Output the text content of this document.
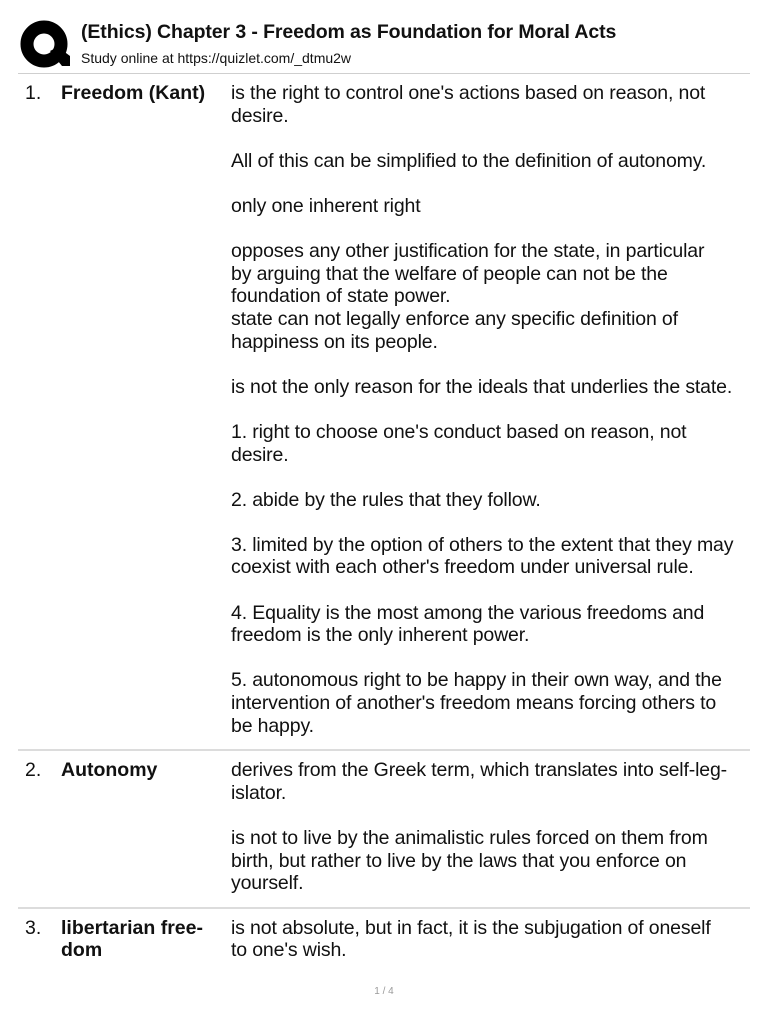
(Ethics) Chapter 3 - Freedom as Foundation for Moral Acts
Study online at https://quizlet.com/_dtmu2w
1. Freedom (Kant)	is the right to control one's actions based on reason, not
desire.
All of this can be simplified to the definition of autonomy.
only one inherent right
opposes any other justification for the state, in particular
by arguing that the welfare of people can not be the
foundation of state power.
state can not legally enforce any specific definition of
happiness on its people.
is not the only reason for the ideals that underlies the state.
1. right to choose one's conduct based on reason, not
desire.
2. abide by the rules that they follow.
3. limited by the option of others to the extent that they may
coexist with each other's freedom under universal rule.
4. Equality is the most among the various freedoms and
freedom is the only inherent power.
5. autonomous right to be happy in their own way, and the
intervention of another's freedom means forcing others to
be happy.
2. Autonomy	derives from the Greek term, which translates into self-leg-
islator.
is not to live by the animalistic rules forced on them from
birth, but rather to live by the laws that you enforce on
yourself.
3. libertarian free-
dom
is not absolute, but in fact, it is the subjugation of oneself
to one's wish.
1 / 4
